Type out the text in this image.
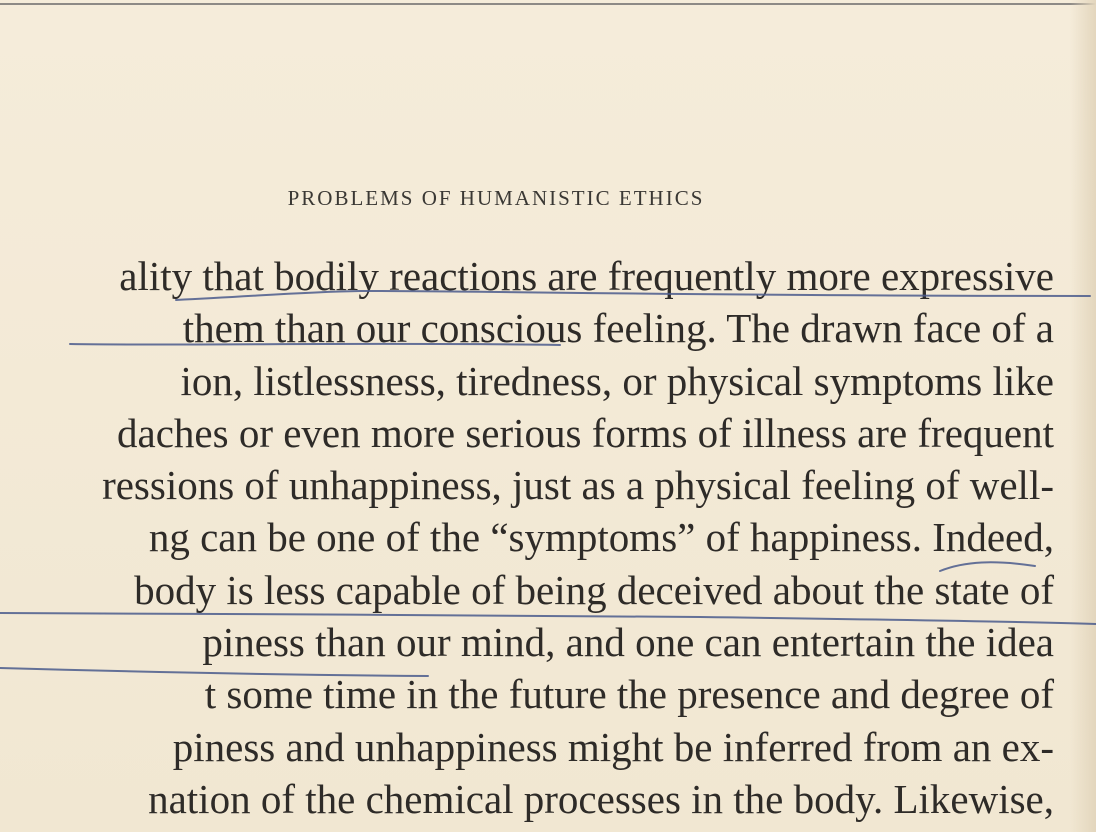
PROBLEMS OF HUMANISTIC ETHICS
ality that bodily reactions are frequently more expressive
them than our conscious feeling. The drawn face of a
ion, listlessness, tiredness, or physical symptoms like
daches or even more serious forms of illness are frequent
ressions of unhappiness, just as a physical feeling of well-
ng can be one of the “symptoms” of happiness. Indeed,
body is less capable of being deceived about the state of
piness than our mind, and one can entertain the idea
t some time in the future the presence and degree of
piness and unhappiness might be inferred from an ex-
nation of the chemical processes in the body. Likewise,
